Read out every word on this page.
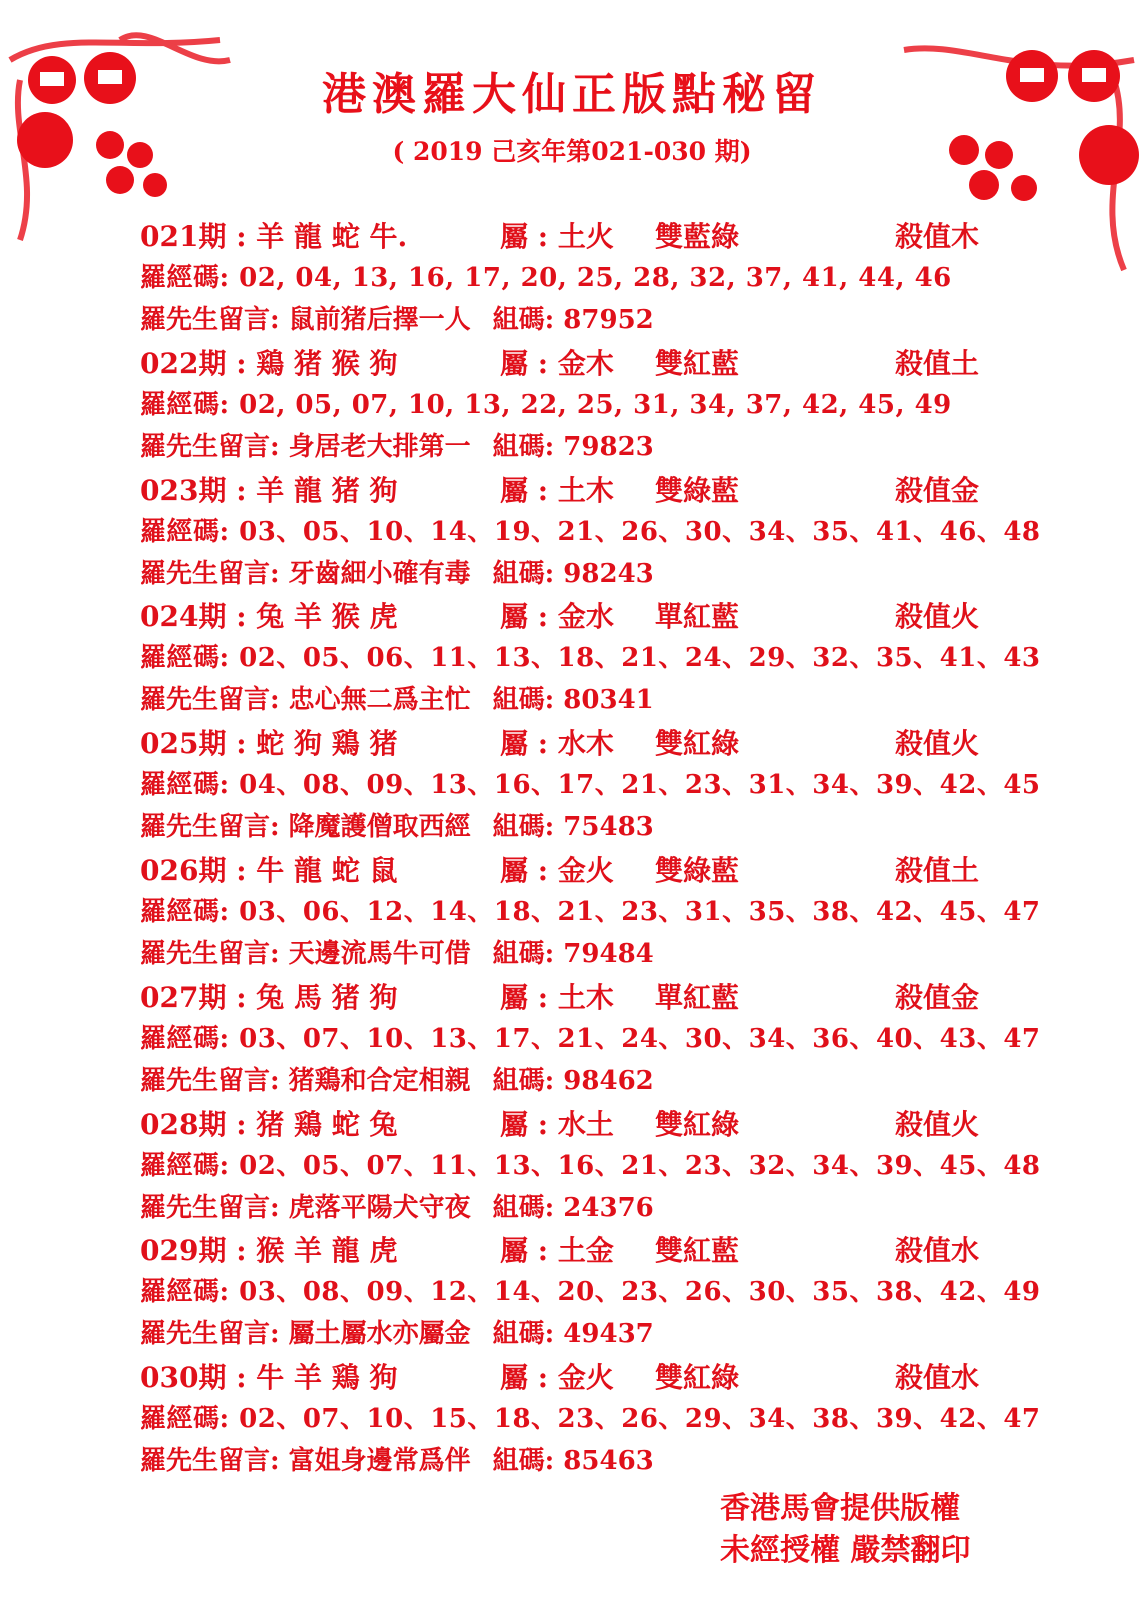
港澳羅大仙正版點秘留
( 2019 己亥年第021-030 期)
021期 : 羊 龍 蛇 牛.	屬 : 土火 雙藍綠	殺值木
羅經碼: 02, 04, 13, 16, 17, 20, 25, 28, 32, 37, 41, 44, 46
羅先生留言: 鼠前猪后擇一人 組碼: 87952
022期 : 鶏 猪 猴 狗	屬 : 金木 雙紅藍	殺值土
羅經碼: 02, 05, 07, 10, 13, 22, 25, 31, 34, 37, 42, 45, 49
羅先生留言: 身居老大排第一 組碼: 79823
023期 : 羊 龍 猪 狗	屬 : 土木 雙綠藍	殺值金
羅經碼: 03、05、10、14、19、21、26、30、34、35、41、46、48
羅先生留言: 牙齒細小確有毒 組碼: 98243
024期 : 兔 羊 猴 虎	屬 : 金水 單紅藍	殺值火
羅經碼: 02、05、06、11、13、18、21、24、29、32、35、41、43
羅先生留言: 忠心無二爲主忙 組碼: 80341
025期 : 蛇 狗 鶏 猪	屬 : 水木 雙紅綠	殺值火
羅經碼: 04、08、09、13、16、17、21、23、31、34、39、42、45
羅先生留言: 降魔護僧取西經 組碼: 75483
026期 : 牛 龍 蛇 鼠	屬 : 金火 雙綠藍	殺值土
羅經碼: 03、06、12、14、18、21、23、31、35、38、42、45、47
羅先生留言: 天邊流馬牛可借 組碼: 79484
027期 : 兔 馬 猪 狗	屬 : 土木 單紅藍	殺值金
羅經碼: 03、07、10、13、17、21、24、30、34、36、40、43、47
羅先生留言: 猪鶏和合定相親 組碼: 98462
028期 : 猪 鶏 蛇 兔	屬 : 水土 雙紅綠	殺值火
羅經碼: 02、05、07、11、13、16、21、23、32、34、39、45、48
羅先生留言: 虎落平陽犬守夜 組碼: 24376
029期 : 猴 羊 龍 虎	屬 : 土金 雙紅藍	殺值水
羅經碼: 03、08、09、12、14、20、23、26、30、35、38、42、49
羅先生留言: 屬土屬水亦屬金 組碼: 49437
030期 : 牛 羊 鶏 狗	屬 : 金火 雙紅綠	殺值水
羅經碼: 02、07、10、15、18、23、26、29、34、38、39、42、47
羅先生留言: 富姐身邊常爲伴 組碼: 85463
香港馬會提供版權
未經授權 嚴禁翻印
